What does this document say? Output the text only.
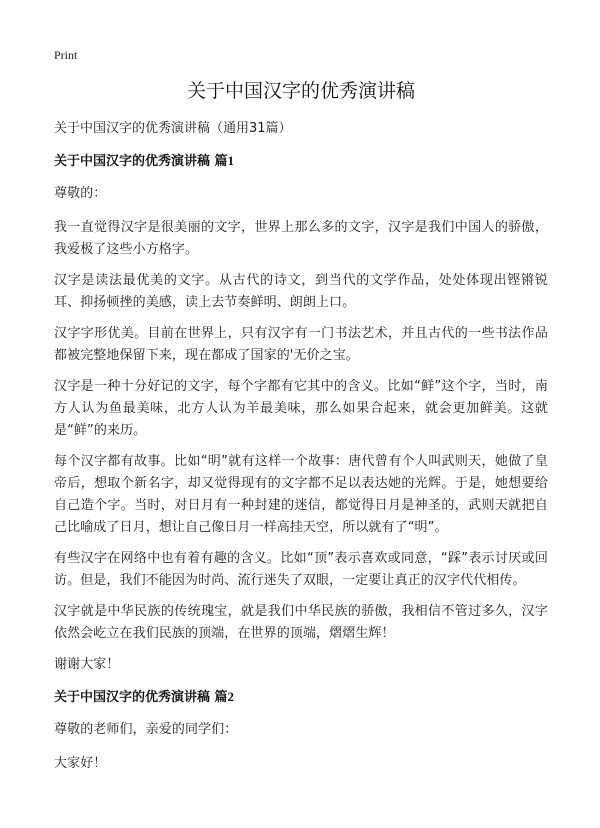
Print
关于中国汉字的优秀演讲稿
关于中国汉字的优秀演讲稿（通用31篇）
关于中国汉字的优秀演讲稿 篇1

尊敬的：

我一直觉得汉字是很美丽的文字，世界上那么多的文字，汉字是我们中国人的骄傲，我爱极了这些小方格字。

汉字是读法最优美的文字。从古代的诗文，到当代的文学作品，处处体现出铿锵锐耳、抑扬顿挫的美感，读上去节奏鲜明、朗朗上口。

汉字字形优美。目前在世界上，只有汉字有一门书法艺术，并且古代的一些书法作品都被完整地保留下来，现在都成了国家的'无价之宝。

汉字是一种十分好记的文字，每个字都有它其中的含义。比如“鲜”这个字，当时，南方人认为鱼最美味，北方人认为羊最美味，那么如果合起来，就会更加鲜美。这就是“鲜”的来历。

每个汉字都有故事。比如“明”就有这样一个故事：唐代曾有个人叫武则天，她做了皇帝后，想取个新名字，却又觉得现有的文字都不足以表达她的光辉。于是，她想要给自己造个字。当时，对日月有一种封建的迷信，都觉得日月是神圣的，武则天就把自己比喻成了日月，想让自己像日月一样高挂天空，所以就有了“明”。

有些汉字在网络中也有着有趣的含义。比如“顶”表示喜欢或同意，“踩”表示讨厌或回访。但是，我们不能因为时尚、流行迷失了双眼，一定要让真正的汉字代代相传。

汉字就是中华民族的传统瑰宝，就是我们中华民族的骄傲，我相信不管过多久，汉字依然会屹立在我们民族的顶端，在世界的顶端，熠熠生辉！

谢谢大家！

关于中国汉字的优秀演讲稿 篇2

尊敬的老师们，亲爱的同学们：

大家好！
